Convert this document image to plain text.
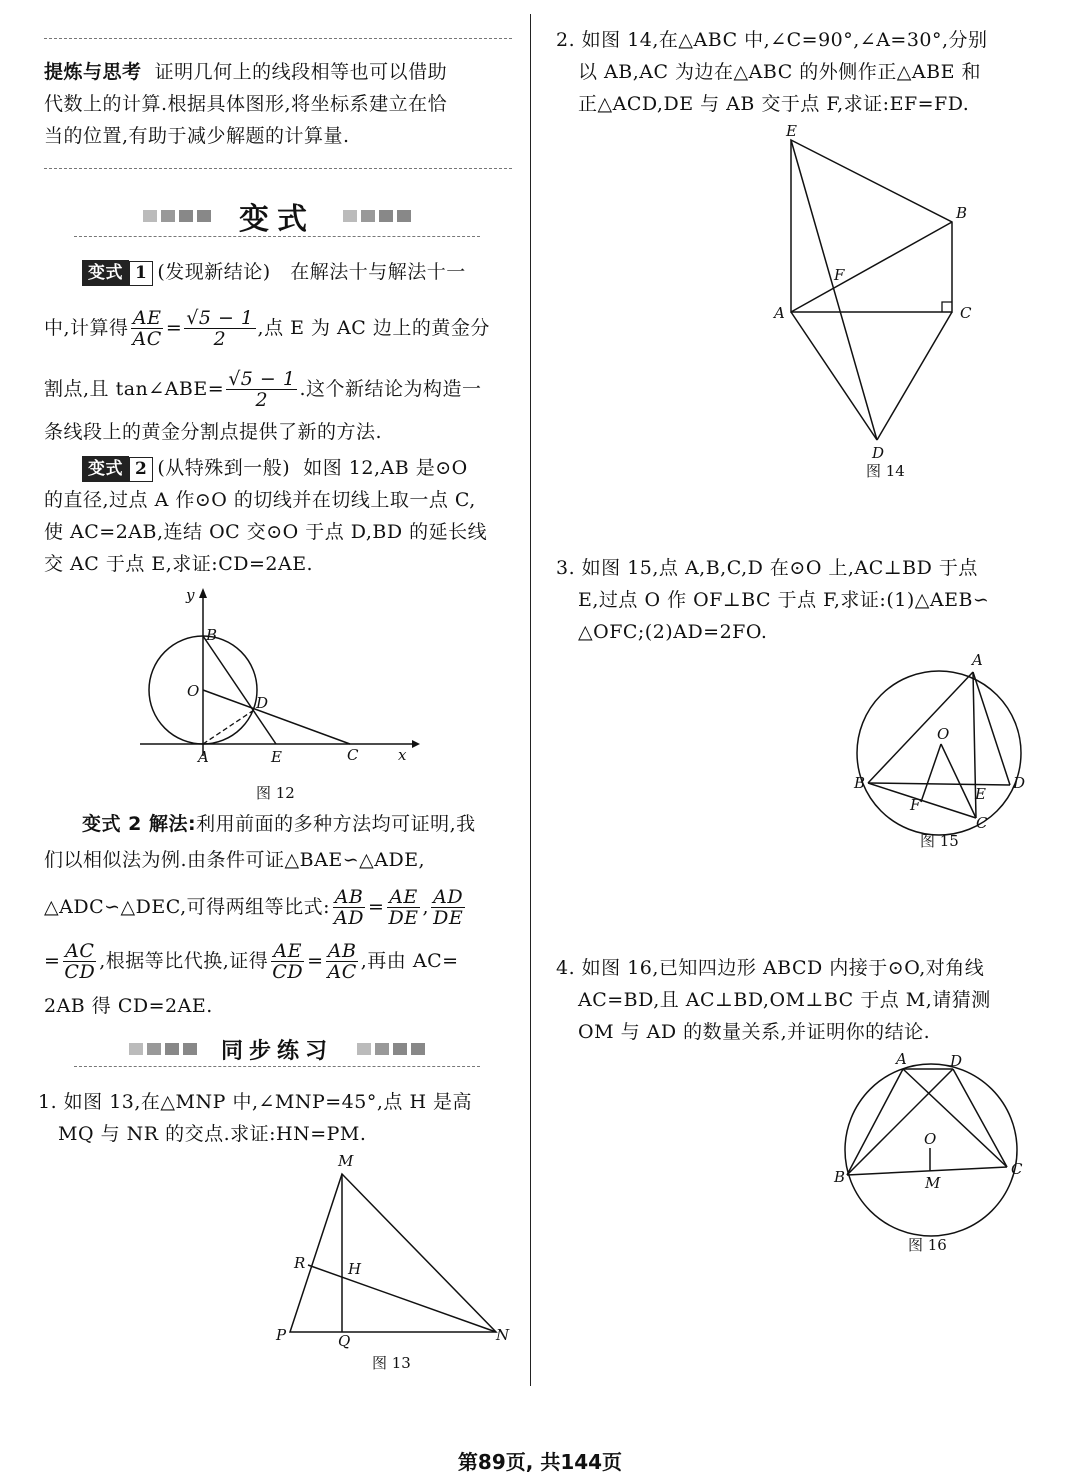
提炼与思考 证明几何上的线段相等也可以借助
代数上的计算.根据具体图形,将坐标系建立在恰
当的位置,有助于减少解题的计算量.
变式
变式 1 (发现新结论) 在解法十与解法十一
中,计算得 $\frac{AE}{AC} = \frac{√5 - 1}{2}$ ,点 E 为 AC 边上的黄金分
割点,且 tan∠ABE= $\frac{√5 - 1}{2}$ .这个新结论为构造一
条线段上的黄金分割点提供了新的方法.
变式 2 (从特殊到一般) 如图 12,AB 是⊙O
的直径,过点 A 作⊙O 的切线并在切线上取一点 C,
使 AC=2AB,连结 OC 交⊙O 于点 D,BD 的延长线
交 AC 于点 E,求证:CD=2AE.
B
O
D
A	E	C	x
y
图 12
变式 2 解法:利用前面的多种方法均可证明,我
们以相似法为例.由条件可证△BAE∽△ADE,
△ADC∽△DEC,可得两组等比式: $\frac{AB}{AD} = \frac{AE}{DE}$ , $\frac{AD}{DE}$
= $\frac{AC}{CD}$ ,根据等比代换,证得 $\frac{AE}{CD} = \frac{AB}{AC}$ ,再由 AC=
2AB 得 CD=2AE.
同步练习
1. 如图 13,在△MNP 中,∠MNP=45°,点 H 是高
MQ 与 NR 的交点.求证:HN=PM.
M
R	H
P	Q	N
图 13
2. 如图 14,在△ABC 中,∠C=90°,∠A=30°,分别
以 AB,AC 为边在△ABC 的外侧作正△ABE 和
正△ACD,DE 与 AB 交于点 F,求证:EF=FD.
E
B
F
A	C
D
图 14
3. 如图 15,点 A,B,C,D 在⊙O 上,AC⊥BD 于点
E,过点 O 作 OF⊥BC 于点 F,求证:(1)△AEB∽
△OFC;(2)AD=2FO.
A
O
B	D
E
F
C
图 15
4. 如图 16,已知四边形 ABCD 内接于⊙O,对角线
AC=BD,且 AC⊥BD,OM⊥BC 于点 M,请猜测
OM 与 AD 的数量关系,并证明你的结论.
A	D
O
B	M
C
图 16
第89页, 共144页
